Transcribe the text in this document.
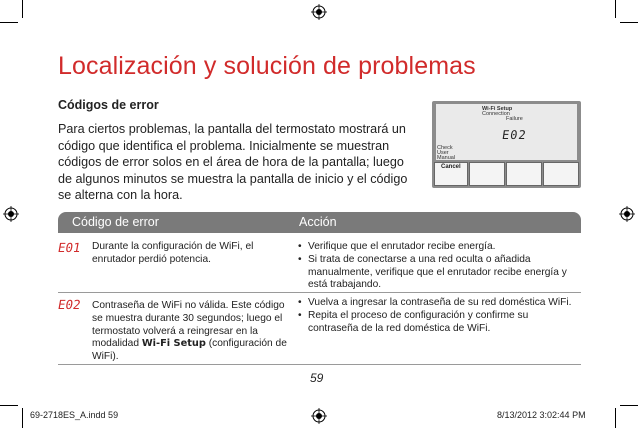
Localización y solución de problemas
Códigos de error
Para ciertos problemas, la pantalla del termostato mostrará un código que identifica el problema. Inicialmente se muestran códigos de error solos en el área de hora de la pantalla; luego de algunos minutos se muestra la pantalla de inicio y el código se alterna con la hora.
Wi-Fi Setup
Connection
Failure
E02
Check
User
Manual
Cancel
Código de error	Acción
E01 Durante la configuración de WiFi, el enrutador perdió potencia.
• Verifique que el enrutador recibe energía.
• Si trata de conectarse a una red oculta o añadida manualmente, verifique que el enrutador recibe energía y está trabajando.
E02 Contraseña de WiFi no válida. Este código se muestra durante 30 segundos; luego el termostato volverá a reingresar en la modalidad Wi-Fi Setup (configuración de WiFi).
• Vuelva a ingresar la contraseña de su red doméstica WiFi.
• Repita el proceso de configuración y confirme su contraseña de la red doméstica de WiFi.
59
69-2718ES_A.indd 59	8/13/2012 3:02:44 PM
